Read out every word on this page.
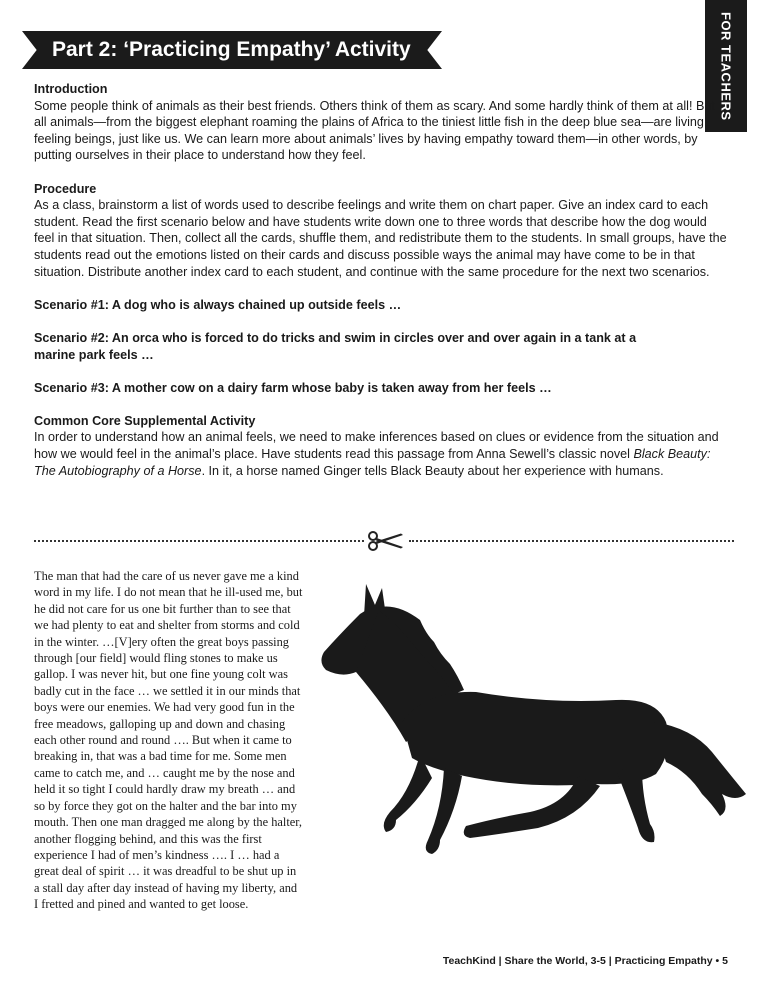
Part 2: ‘Practicing Empathy’ Activity	FOR TEACHERS

Introduction

Some people think of animals as their best friends. Others think of them as scary. And some hardly think of them at all! But all animals—from the biggest elephant roaming the plains of Africa to the tiniest little fish in the deep blue sea—are living, feeling beings, just like us. We can learn more about animals’ lives by having empathy toward them—in other words, by putting ourselves in their place to understand how they feel.

Procedure

As a class, brainstorm a list of words used to describe feelings and write them on chart paper. Give an index card to each student. Read the first scenario below and have students write down one to three words that describe how the dog would feel in that situation. Then, collect all the cards, shuffle them, and redistribute them to the students. In small groups, have the students read out the emotions listed on their cards and discuss possible ways the animal may have come to be in that situation. Distribute another index card to each student, and continue with the same procedure for the next two scenarios.

Scenario #1: A dog who is always chained up outside feels …

Scenario #2: An orca who is forced to do tricks and swim in circles over and over again in a tank at a marine park feels …

Scenario #3: A mother cow on a dairy farm whose baby is taken away from her feels …

Common Core Supplemental Activity

In order to understand how an animal feels, we need to make inferences based on clues or evidence from the situation and how we would feel in the animal’s place. Have students read this passage from Anna Sewell’s classic novel Black Beauty: The Autobiography of a Horse. In it, a horse named Ginger tells Black Beauty about her experience with humans.

The man that had the care of us never gave me a kind word in my life. I do not mean that he ill-used me, but he did not care for us one bit further than to see that we had plenty to eat and shelter from storms and cold in the winter. …[V]ery often the great boys passing through [our field] would fling stones to make us gallop. I was never hit, but one fine young colt was badly cut in the face … we settled it in our minds that boys were our enemies. We had very good fun in the free meadows, galloping up and down and chasing each other round and round …. But when it came to breaking in, that was a bad time for me. Some men came to catch me, and … caught me by the nose and held it so tight I could hardly draw my breath … and so by force they got on the halter and the bar into my mouth. Then one man dragged me along by the halter, another flogging behind, and this was the first experience I had of men’s kindness …. I … had a great deal of spirit … it was dreadful to be shut up in a stall day after day instead of having my liberty, and I fretted and pined and wanted to get loose.

TeachKind | Share the World, 3-5 | Practicing Empathy • 5
